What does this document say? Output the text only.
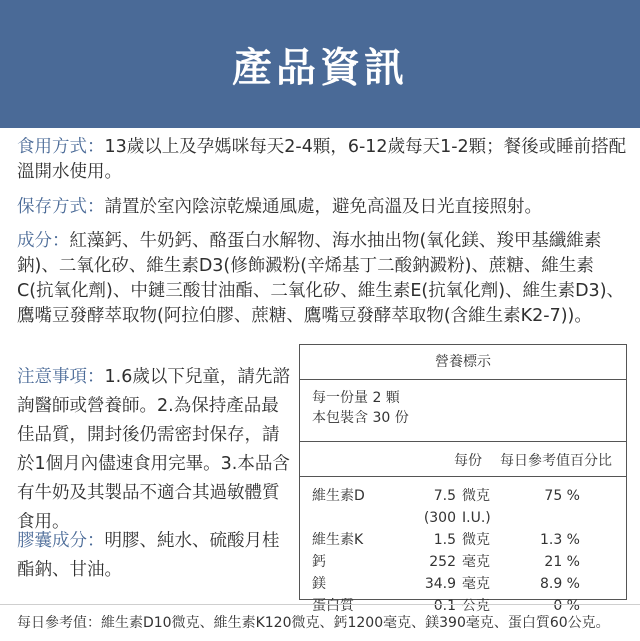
產品資訊

食用方式：13歲以上及孕媽咪每天2-4顆，6-12歲每天1-2顆；餐後或睡前搭配溫開水使用。

保存方式：請置於室內陰涼乾燥通風處，避免高溫及日光直接照射。

成分：紅藻鈣、牛奶鈣、酪蛋白水解物、海水抽出物(氧化鎂、羧甲基纖維素鈉)、二氧化矽、維生素D3(修飾澱粉(辛烯基丁二酸鈉澱粉)、蔗糖、維生素C(抗氧化劑)、中鏈三酸甘油酯、二氧化矽、維生素E(抗氧化劑)、維生素D3)、鷹嘴豆發酵萃取物(阿拉伯膠、蔗糖、鷹嘴豆發酵萃取物(含維生素K2-7))。

注意事項：1.6歲以下兒童，請先諮詢醫師或營養師。2.為保持產品最佳品質，開封後仍需密封保存，請於1個月內儘速食用完畢。3.本品含有牛奶及其製品不適合其過敏體質食用。

膠囊成分：明膠、純水、硫酸月桂酯鈉、甘油。

營養標示
每一份量 2 顆
本包裝含 30 份
每份 每日參考值百分比
維生素D	7.5 微克	75 %
(300 I.U.)
維生素K	1.5 微克	1.3 %
鈣	252 毫克	21 %
鎂	34.9 毫克	8.9 %
蛋白質	0.1 公克	0 %
每日參考值：維生素D10微克、維生素K120微克、鈣1200毫克、鎂390毫克、蛋白質60公克。
